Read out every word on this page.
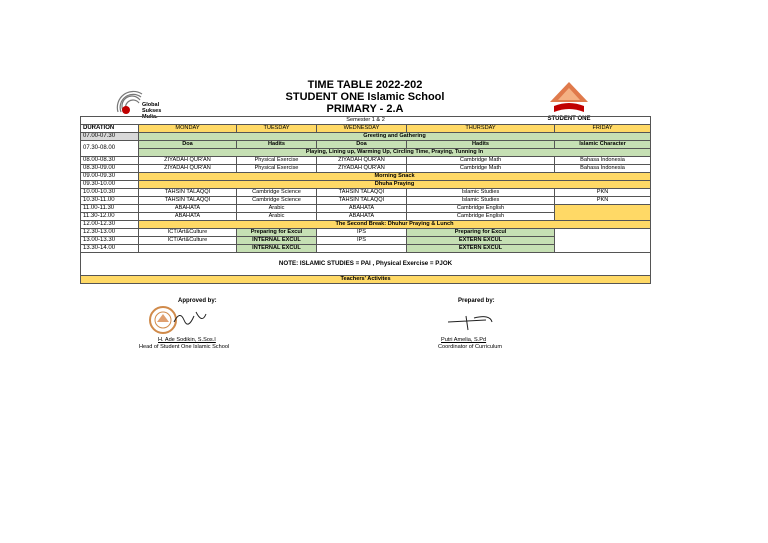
Global
Sukses
Mulia.	STUDENT ONE
TIME TABLE 2022-202
STUDENT ONE Islamic School
PRIMARY - 2.A
Semester 1 & 2					
DURATION	MONDAY	TUESDAY	WEDNESDAY	THURSDAY	FRIDAY
07.00-07.30	Greeting and Gathering				
07.30-08.00	Doa	Hadits	Doa	Hadits	Islamic Character
	Playing, Lining up, Warming Up, Circling Time, Praying, Tunning In				
08.00-08.30	ZIYADAH QUR'AN	Physical Exercise	ZIYADAH QUR'AN	Cambridge Math	Bahasa Indonesia
08.30-09.00	ZIYADAH QUR'AN	Physical Exercise	ZIYADAH QUR'AN	Cambridge Math	Bahasa Indonesia
09.00-09.30	Morning Snack				
09.30-10.00	Dhuha Praying				
10.00-10.30	TAHSIN TALAQQI	Cambridge Science	TAHSIN TALAQQI	Islamic Studies	PKN
10.30-11.00	TAHSIN TALAQQI	Cambridge Science	TAHSIN TALAQQI	Islamic Studies	PKN
11.00-11.30	ABAHATA	Arabic	ABAHATA	Cambridge English	
11.30-12.00	ABAHATA	Arabic	ABAHATA	Cambridge English	
12.00-12.30	The Second Break: Dhuhur Praying & Lunch				
12.30-13.00	ICT/Art&Culture	Preparing for Excul	IPS	Preparing for Excul	
13.00-13.30	ICT/Art&Culture	INTERNAL EXCUL	IPS	EXTERN EXCUL	
13.30-14.00		INTERNAL EXCUL		EXTERN EXCUL	
NOTE: ISLAMIC STUDIES = PAI , Physical Exercise = PJOK					
Teachers' Activites					
Approved by:	Prepared by:
H. Ade Sodikin, S.Sos.I
Head of Student One Islamic School
Putri Amelia, S.Pd
Coordinator of Curriculum
